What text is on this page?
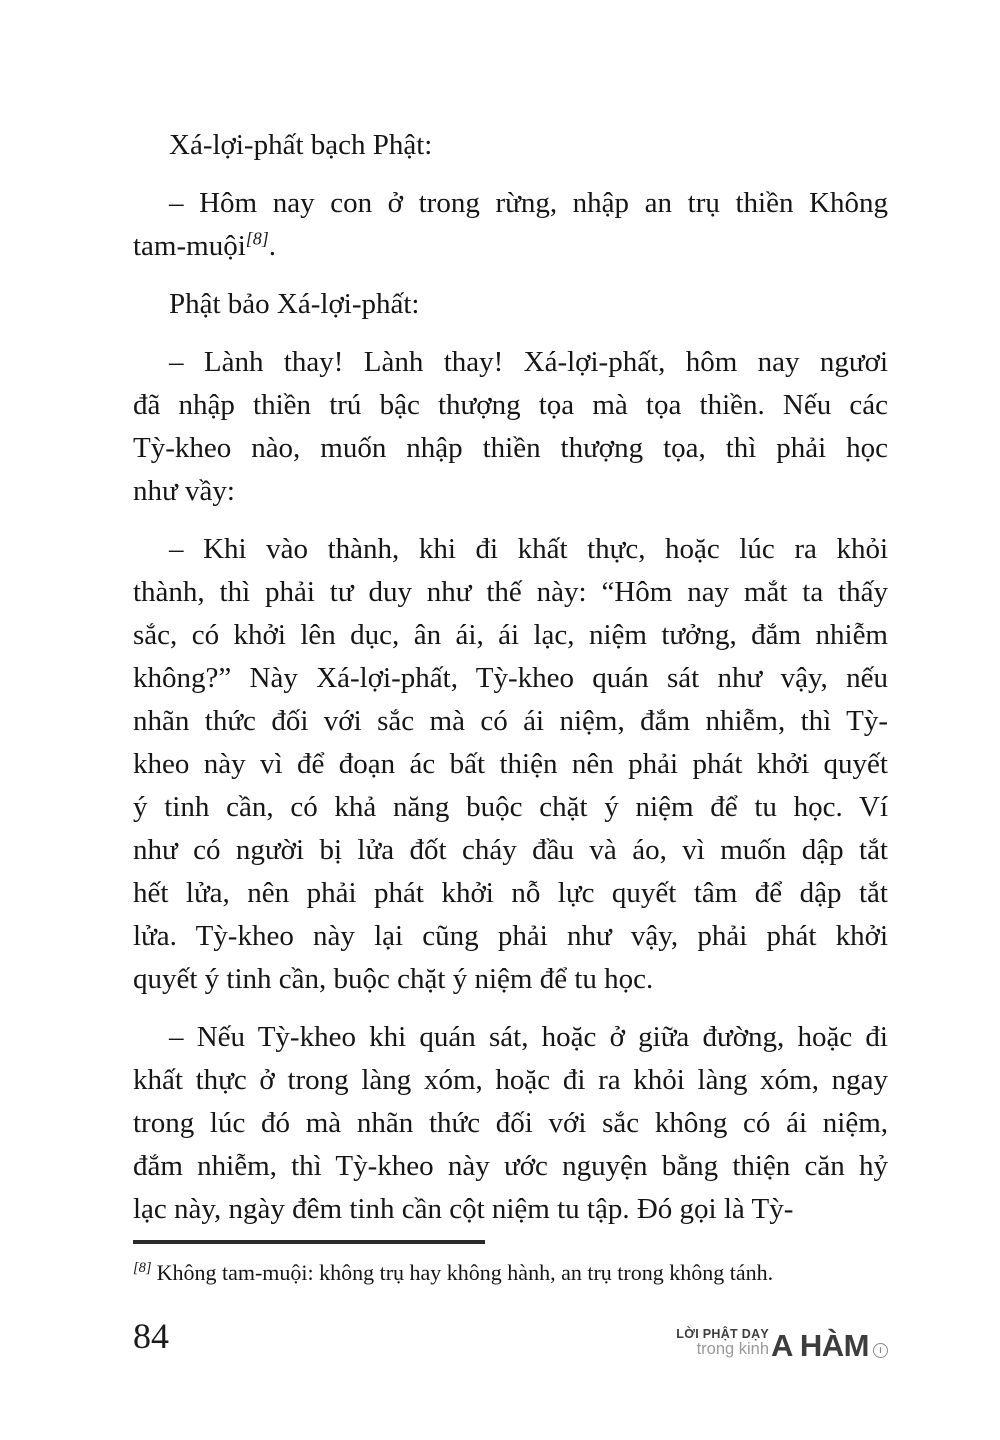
Xá-lợi-phất bạch Phật:
– Hôm nay con ở trong rừng, nhập an trụ thiền Không
tam-muội[8].
Phật bảo Xá-lợi-phất:
– Lành thay! Lành thay! Xá-lợi-phất, hôm nay ngươi
đã nhập thiền trú bậc thượng tọa mà tọa thiền. Nếu các
Tỳ-kheo nào, muốn nhập thiền thượng tọa, thì phải học
như vầy:
– Khi vào thành, khi đi khất thực, hoặc lúc ra khỏi
thành, thì phải tư duy như thế này: “Hôm nay mắt ta thấy
sắc, có khởi lên dục, ân ái, ái lạc, niệm tưởng, đắm nhiễm
không?” Này Xá-lợi-phất, Tỳ-kheo quán sát như vậy, nếu
nhãn thức đối với sắc mà có ái niệm, đắm nhiễm, thì Tỳ-
kheo này vì để đoạn ác bất thiện nên phải phát khởi quyết
ý tinh cần, có khả năng buộc chặt ý niệm để tu học. Ví
như có người bị lửa đốt cháy đầu và áo, vì muốn dập tắt
hết lửa, nên phải phát khởi nỗ lực quyết tâm để dập tắt
lửa. Tỳ-kheo này lại cũng phải như vậy, phải phát khởi
quyết ý tinh cần, buộc chặt ý niệm để tu học.
– Nếu Tỳ-kheo khi quán sát, hoặc ở giữa đường, hoặc đi
khất thực ở trong làng xóm, hoặc đi ra khỏi làng xóm, ngay
trong lúc đó mà nhãn thức đối với sắc không có ái niệm,
đắm nhiễm, thì Tỳ-kheo này ước nguyện bằng thiện căn hỷ
lạc này, ngày đêm tinh cần cột niệm tu tập. Đó gọi là Tỳ-

[8] Không tam-muội: không trụ hay không hành, an trụ trong không tánh.

84	LỜI PHẬT DẠY
trong kinh A HÀM	I
